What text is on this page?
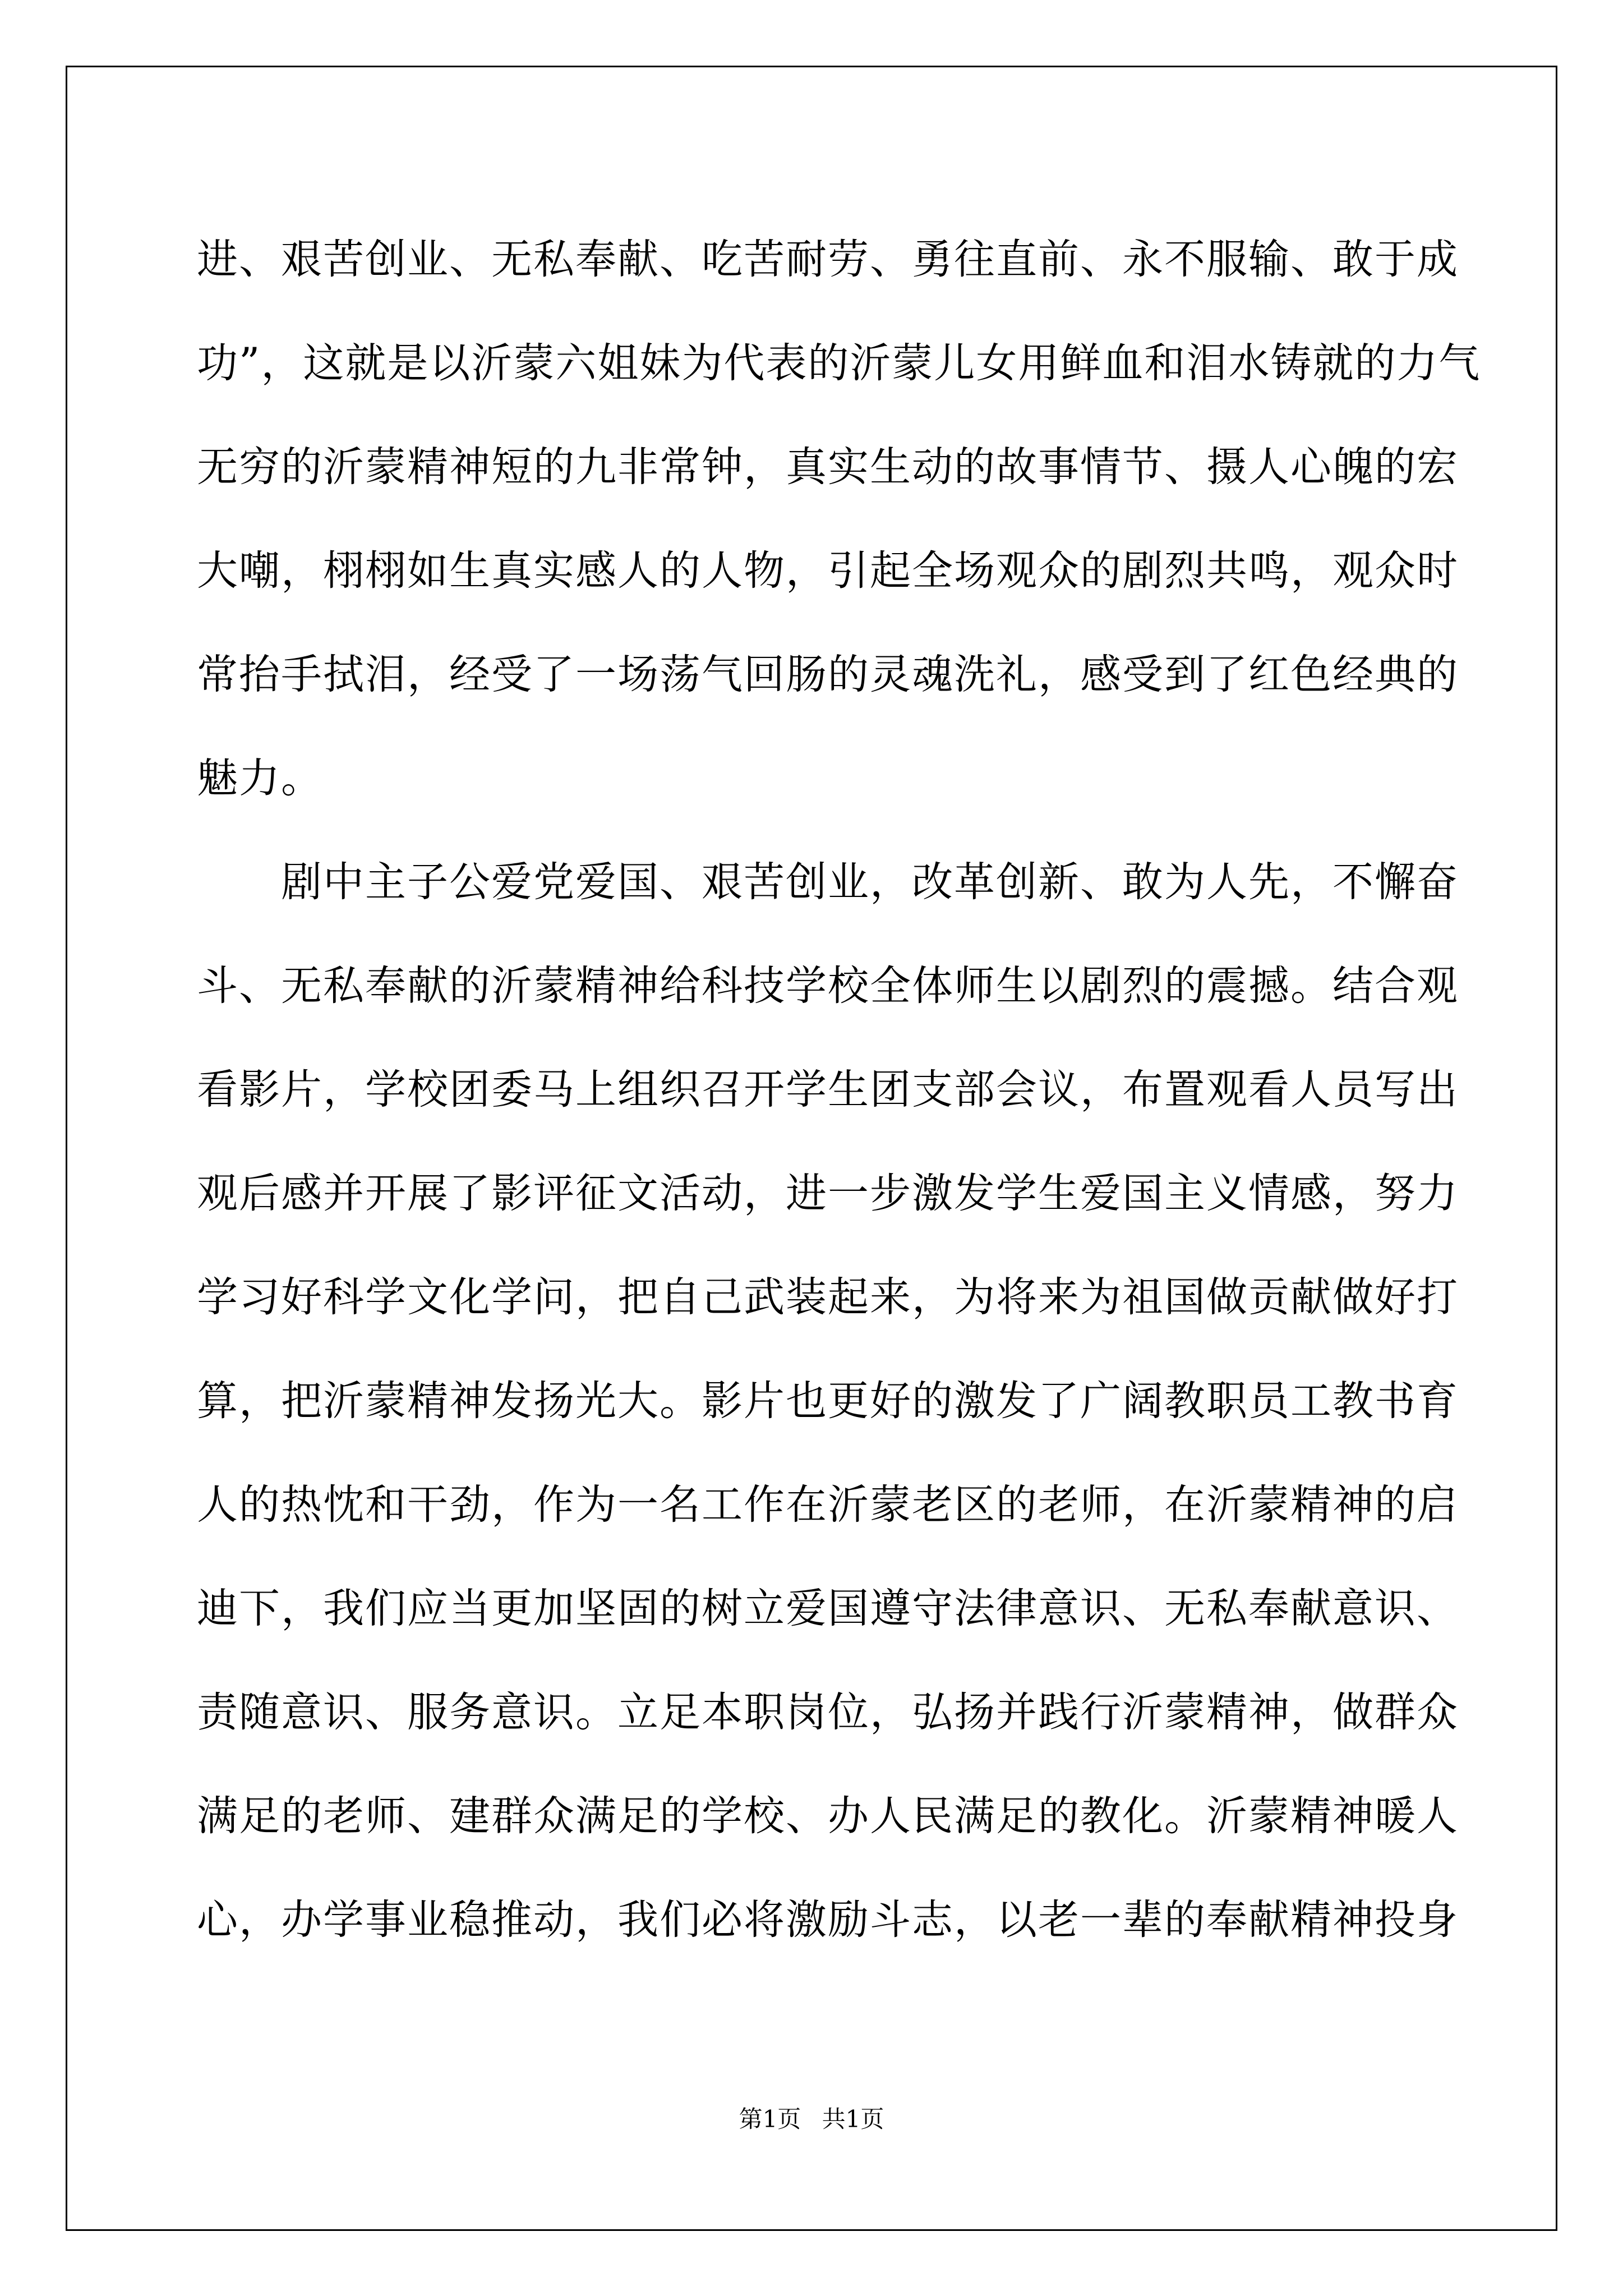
进、艰苦创业、无私奉献、吃苦耐劳、勇往直前、永不服输、敢于成
功”，这就是以沂蒙六姐妹为代表的沂蒙儿女用鲜血和泪水铸就的力气
无穷的沂蒙精神短的九非常钟，真实生动的故事情节、摄人心魄的宏
大嘲，栩栩如生真实感人的人物，引起全场观众的剧烈共鸣，观众时
常抬手拭泪，经受了一场荡气回肠的灵魂洗礼，感受到了红色经典的
魅力。
剧中主子公爱党爱国、艰苦创业，改革创新、敢为人先，不懈奋
斗、无私奉献的沂蒙精神给科技学校全体师生以剧烈的震撼。结合观
看影片，学校团委马上组织召开学生团支部会议，布置观看人员写出
观后感并开展了影评征文活动，进一步激发学生爱国主义情感，努力
学习好科学文化学问，把自己武装起来，为将来为祖国做贡献做好打
算，把沂蒙精神发扬光大。影片也更好的激发了广阔教职员工教书育
人的热忱和干劲，作为一名工作在沂蒙老区的老师，在沂蒙精神的启
迪下，我们应当更加坚固的树立爱国遵守法律意识、无私奉献意识、
责随意识、服务意识。立足本职岗位，弘扬并践行沂蒙精神，做群众
满足的老师、建群众满足的学校、办人民满足的教化。沂蒙精神暖人
心，办学事业稳推动，我们必将激励斗志，以老一辈的奉献精神投身
第1页 共1页
